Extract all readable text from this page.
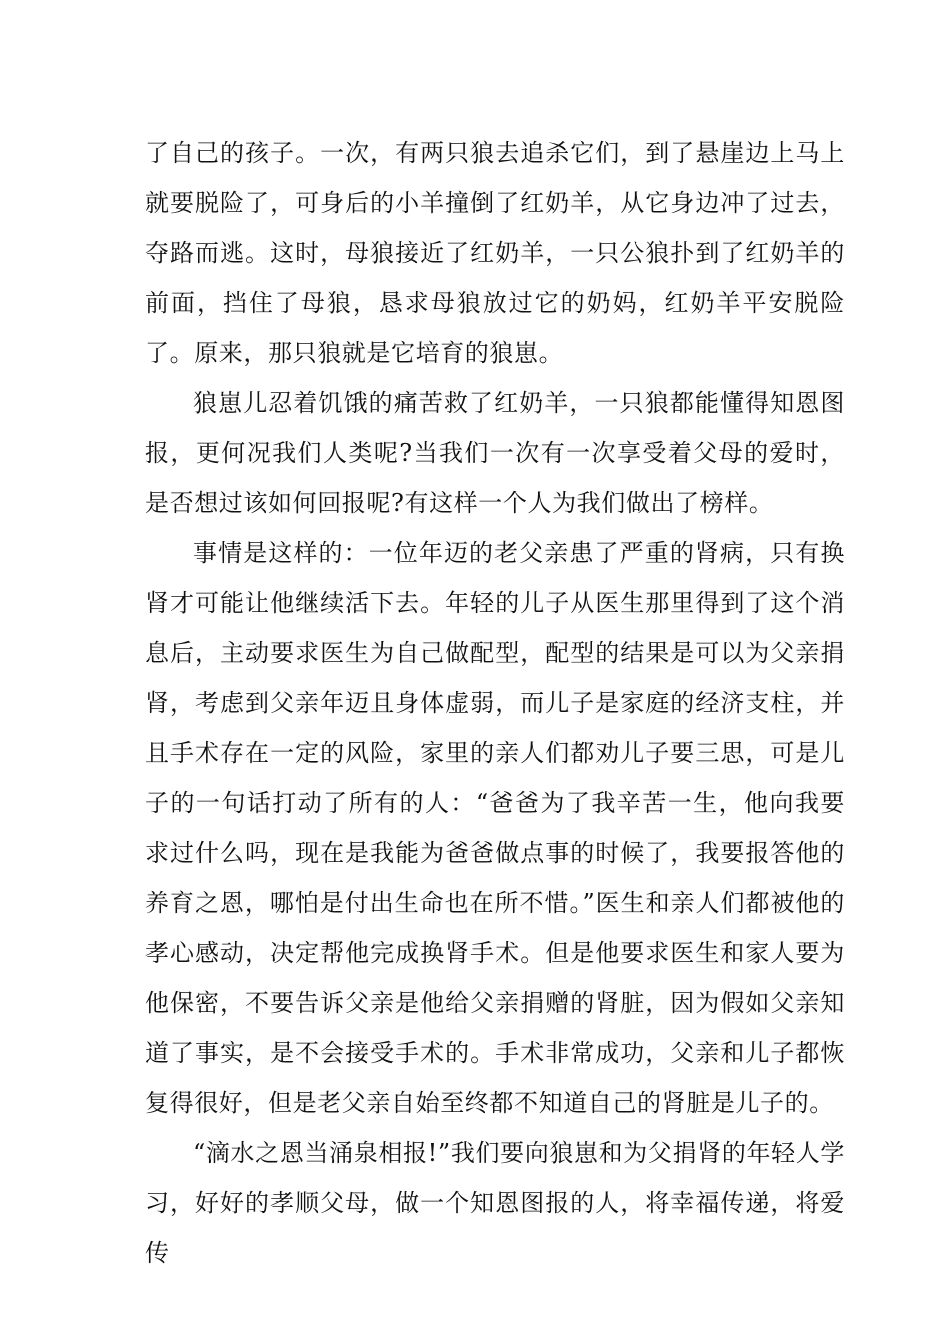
了自己的孩子。一次，有两只狼去追杀它们，到了悬崖边上马上就要脱险了，可身后的小羊撞倒了红奶羊，从它身边冲了过去，夺路而逃。这时，母狼接近了红奶羊，一只公狼扑到了红奶羊的前面，挡住了母狼，恳求母狼放过它的奶妈，红奶羊平安脱险了。原来，那只狼就是它培育的狼崽。

狼崽儿忍着饥饿的痛苦救了红奶羊，一只狼都能懂得知恩图报，更何况我们人类呢?当我们一次有一次享受着父母的爱时，是否想过该如何回报呢?有这样一个人为我们做出了榜样。

事情是这样的：一位年迈的老父亲患了严重的肾病，只有换肾才可能让他继续活下去。年轻的儿子从医生那里得到了这个消息后，主动要求医生为自己做配型，配型的结果是可以为父亲捐肾，考虑到父亲年迈且身体虚弱，而儿子是家庭的经济支柱，并且手术存在一定的风险，家里的亲人们都劝儿子要三思，可是儿子的一句话打动了所有的人：“爸爸为了我辛苦一生，他向我要求过什么吗，现在是我能为爸爸做点事的时候了，我要报答他的养育之恩，哪怕是付出生命也在所不惜。”医生和亲人们都被他的孝心感动，决定帮他完成换肾手术。但是他要求医生和家人要为他保密，不要告诉父亲是他给父亲捐赠的肾脏，因为假如父亲知道了事实，是不会接受手术的。手术非常成功，父亲和儿子都恢复得很好，但是老父亲自始至终都不知道自己的肾脏是儿子的。

“滴水之恩当涌泉相报!”我们要向狼崽和为父捐肾的年轻人学习，好好的孝顺父母，做一个知恩图报的人，将幸福传递，将爱传
